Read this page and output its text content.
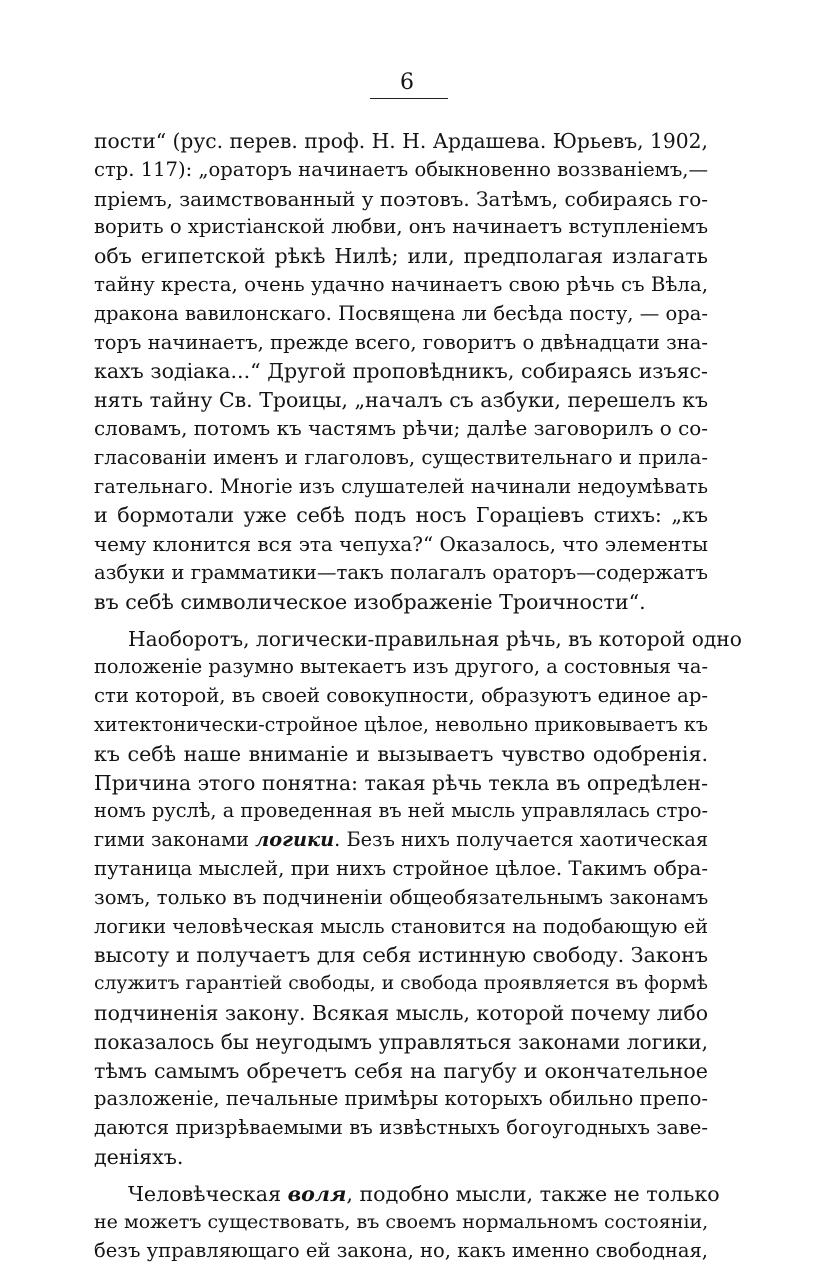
6
пости“ (рус. перев. проф. Н. Н. Ардашева. Юрьевъ, 1902,
стр. 117): „ораторъ начинаетъ обыкновенно воззваніемъ,—
пріемъ, заимствованный у поэтовъ. Затѣмъ, собираясь го-
ворить о христіанской любви, онъ начинаетъ вступленіемъ
объ египетской рѣкѣ Нилѣ; или, предполагая излагать
тайну креста, очень удачно начинаетъ свою рѣчь съ Вѣла,
дракона вавилонскаго. Посвящена ли бесѣда посту, — ора-
торъ начинаетъ, прежде всего, говоритъ о двѣнадцати зна-
кахъ зодіака...“ Другой проповѣдникъ, собираясь изъяс-
нять тайну Св. Троицы, „началъ съ азбуки, перешелъ къ
словамъ, потомъ къ частямъ рѣчи; далѣе заговорилъ о со-
гласованіи именъ и глаголовъ, существительнаго и прила-
гательнаго. Многіе изъ слушателей начинали недоумѣвать
и бормотали уже себѣ подъ носъ Гораціевъ стихъ: „къ
чему клонится вся эта чепуха?“ Оказалось, что элементы
азбуки и грамматики—такъ полагалъ ораторъ—содержатъ
въ себѣ символическое изображеніе Троичности“.
Наоборотъ, логически-правильная рѣчь, въ которой одно
положеніе разумно вытекаетъ изъ другого, а состовныя ча-
сти которой, въ своей совокупности, образуютъ единое ар-
хитектонически-стройное цѣлое, невольно приковываетъ къ
къ себѣ наше вниманіе и вызываетъ чувство одобренія.
Причина этого понятна: такая рѣчь текла въ опредѣлен-
номъ руслѣ, а проведенная въ ней мысль управлялась стро-
гими законами логики. Безъ нихъ получается хаотическая
путаница мыслей, при нихъ стройное цѣлое. Такимъ обра-
зомъ, только въ подчиненіи общеобязательнымъ законамъ
логики человѣческая мысль становится на подобающую ей
высоту и получаетъ для себя истинную свободу. Законъ
служитъ гарантіей свободы, и свобода проявляется въ формѣ
подчиненія закону. Всякая мысль, которой почему либо
показалось бы неугодымъ управляться законами логики,
тѣмъ самымъ обречетъ себя на пагубу и окончательное
разложеніе, печальные примѣры которыхъ обильно препо-
даются призрѣваемыми въ извѣстныхъ богоугодныхъ заве-
деніяхъ.
Человѣческая воля, подобно мысли, также не только
не можетъ существовать, въ своемъ нормальномъ состояніи,
безъ управляющаго ей закона, но, какъ именно свободная,
